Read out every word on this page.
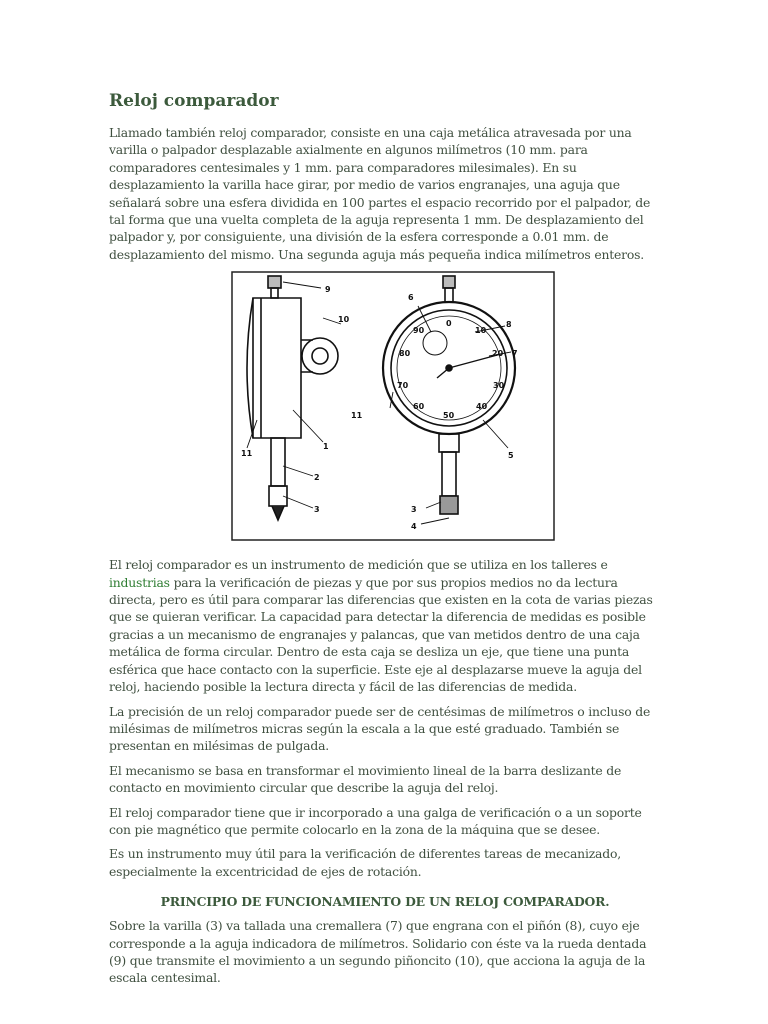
Reloj comparador

Llamado también reloj comparador, consiste en una caja metálica atravesada por una varilla o palpador desplazable axialmente en algunos milímetros (10 mm. para comparadores centesimales y 1 mm. para comparadores milesimales). En su desplazamiento la varilla hace girar, por medio de varios engranajes, una aguja que señalará sobre una esfera dividida en 100 partes el espacio recorrido por el palpador, de tal forma que una vuelta completa de la aguja representa 1 mm. De desplazamiento del palpador y, por consiguiente, una división de la esfera corresponde a 0.01 mm. de desplazamiento del mismo. Una segunda aguja más pequeña indica milímetros enteros.

0
10
20
30
40
50
60
70
80
90
9
10
1
11
2
3
6
8
7
11
5
3
4

El reloj comparador es un instrumento de medición que se utiliza en los talleres e industrias para la verificación de piezas y que por sus propios medios no da lectura directa, pero es útil para comparar las diferencias que existen en la cota de varias piezas que se quieran verificar. La capacidad para detectar la diferencia de medidas es posible gracias a un mecanismo de engranajes y palancas, que van metidos dentro de una caja metálica de forma circular. Dentro de esta caja se desliza un eje, que tiene una punta esférica que hace contacto con la superficie. Este eje al desplazarse mueve la aguja del reloj, haciendo posible la lectura directa y fácil de las diferencias de medida.

La precisión de un reloj comparador puede ser de centésimas de milímetros o incluso de milésimas de milímetros micras según la escala a la que esté graduado. También se presentan en milésimas de pulgada.

El mecanismo se basa en transformar el movimiento lineal de la barra deslizante de contacto en movimiento circular que describe la aguja del reloj.

El reloj comparador tiene que ir incorporado a una galga de verificación o a un soporte con pie magnético que permite colocarlo en la zona de la máquina que se desee.

Es un instrumento muy útil para la verificación de diferentes tareas de mecanizado, especialmente la excentricidad de ejes de rotación.

PRINCIPIO DE FUNCIONAMIENTO DE UN RELOJ COMPARADOR.

Sobre la varilla (3) va tallada una cremallera (7) que engrana con el piñón (8), cuyo eje corresponde a la aguja indicadora de milímetros. Solidario con éste va la rueda dentada (9) que transmite el movimiento a un segundo piñoncito (10), que acciona la aguja de la escala centesimal.
